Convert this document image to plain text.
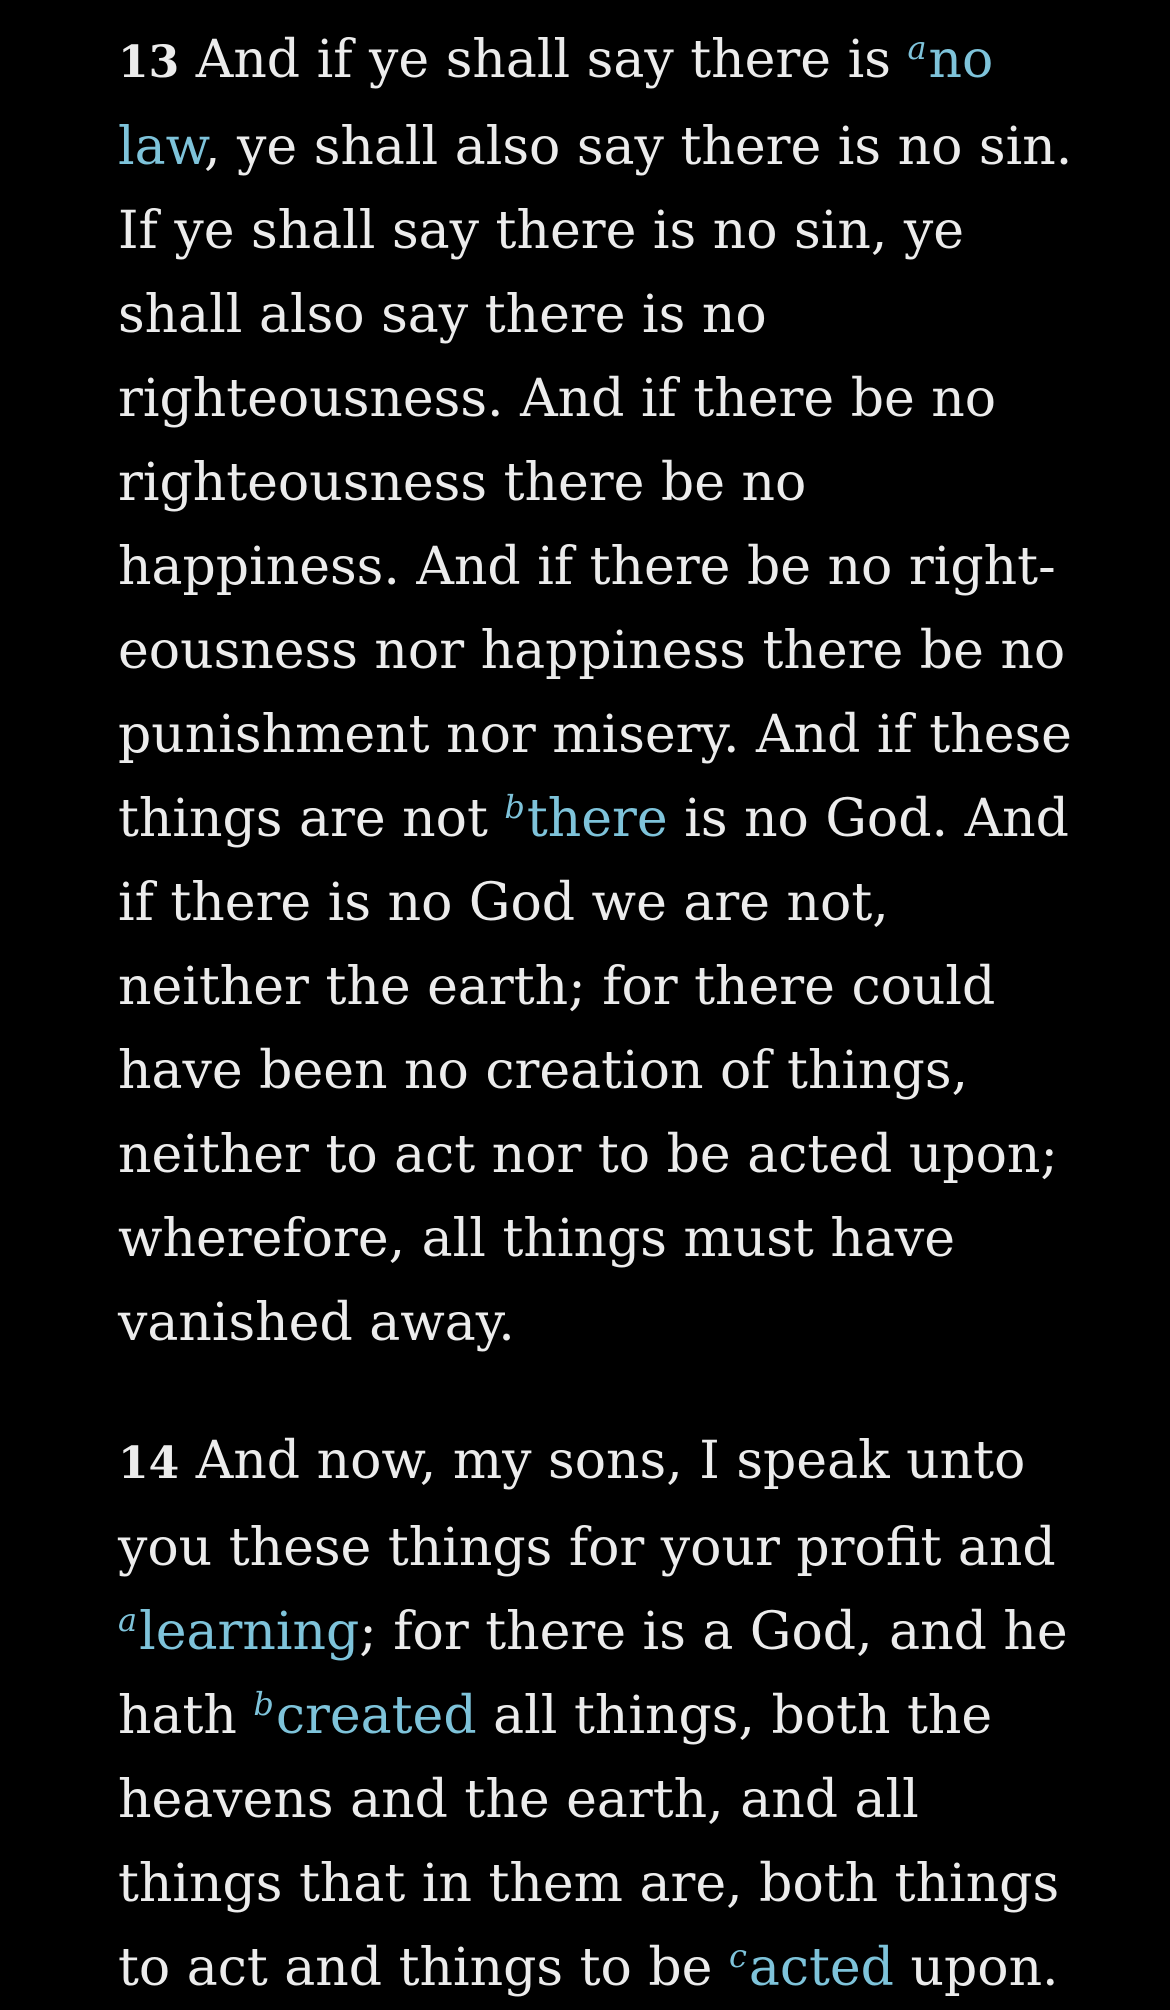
13 And if ye shall say there is $^a$no law, ye shall also say there is no sin. If ye shall say there is no sin, ye shall also say there is no righteousness. And if there be no righteousness there be no happiness. And if there be no righteousness nor happiness there be no punishment nor misery. And if these things are not $^b$there is no God. And if there is no God we are not, neither the earth; for there could have been no creation of things, neither to act nor to be acted upon; wherefore, all things must have vanished away.

14 And now, my sons, I speak unto you these things for your profit and $^a$learning; for there is a God, and he hath $^b$created all things, both the heavens and the earth, and all things that in them are, both things to act and things to be $^c$acted upon.
